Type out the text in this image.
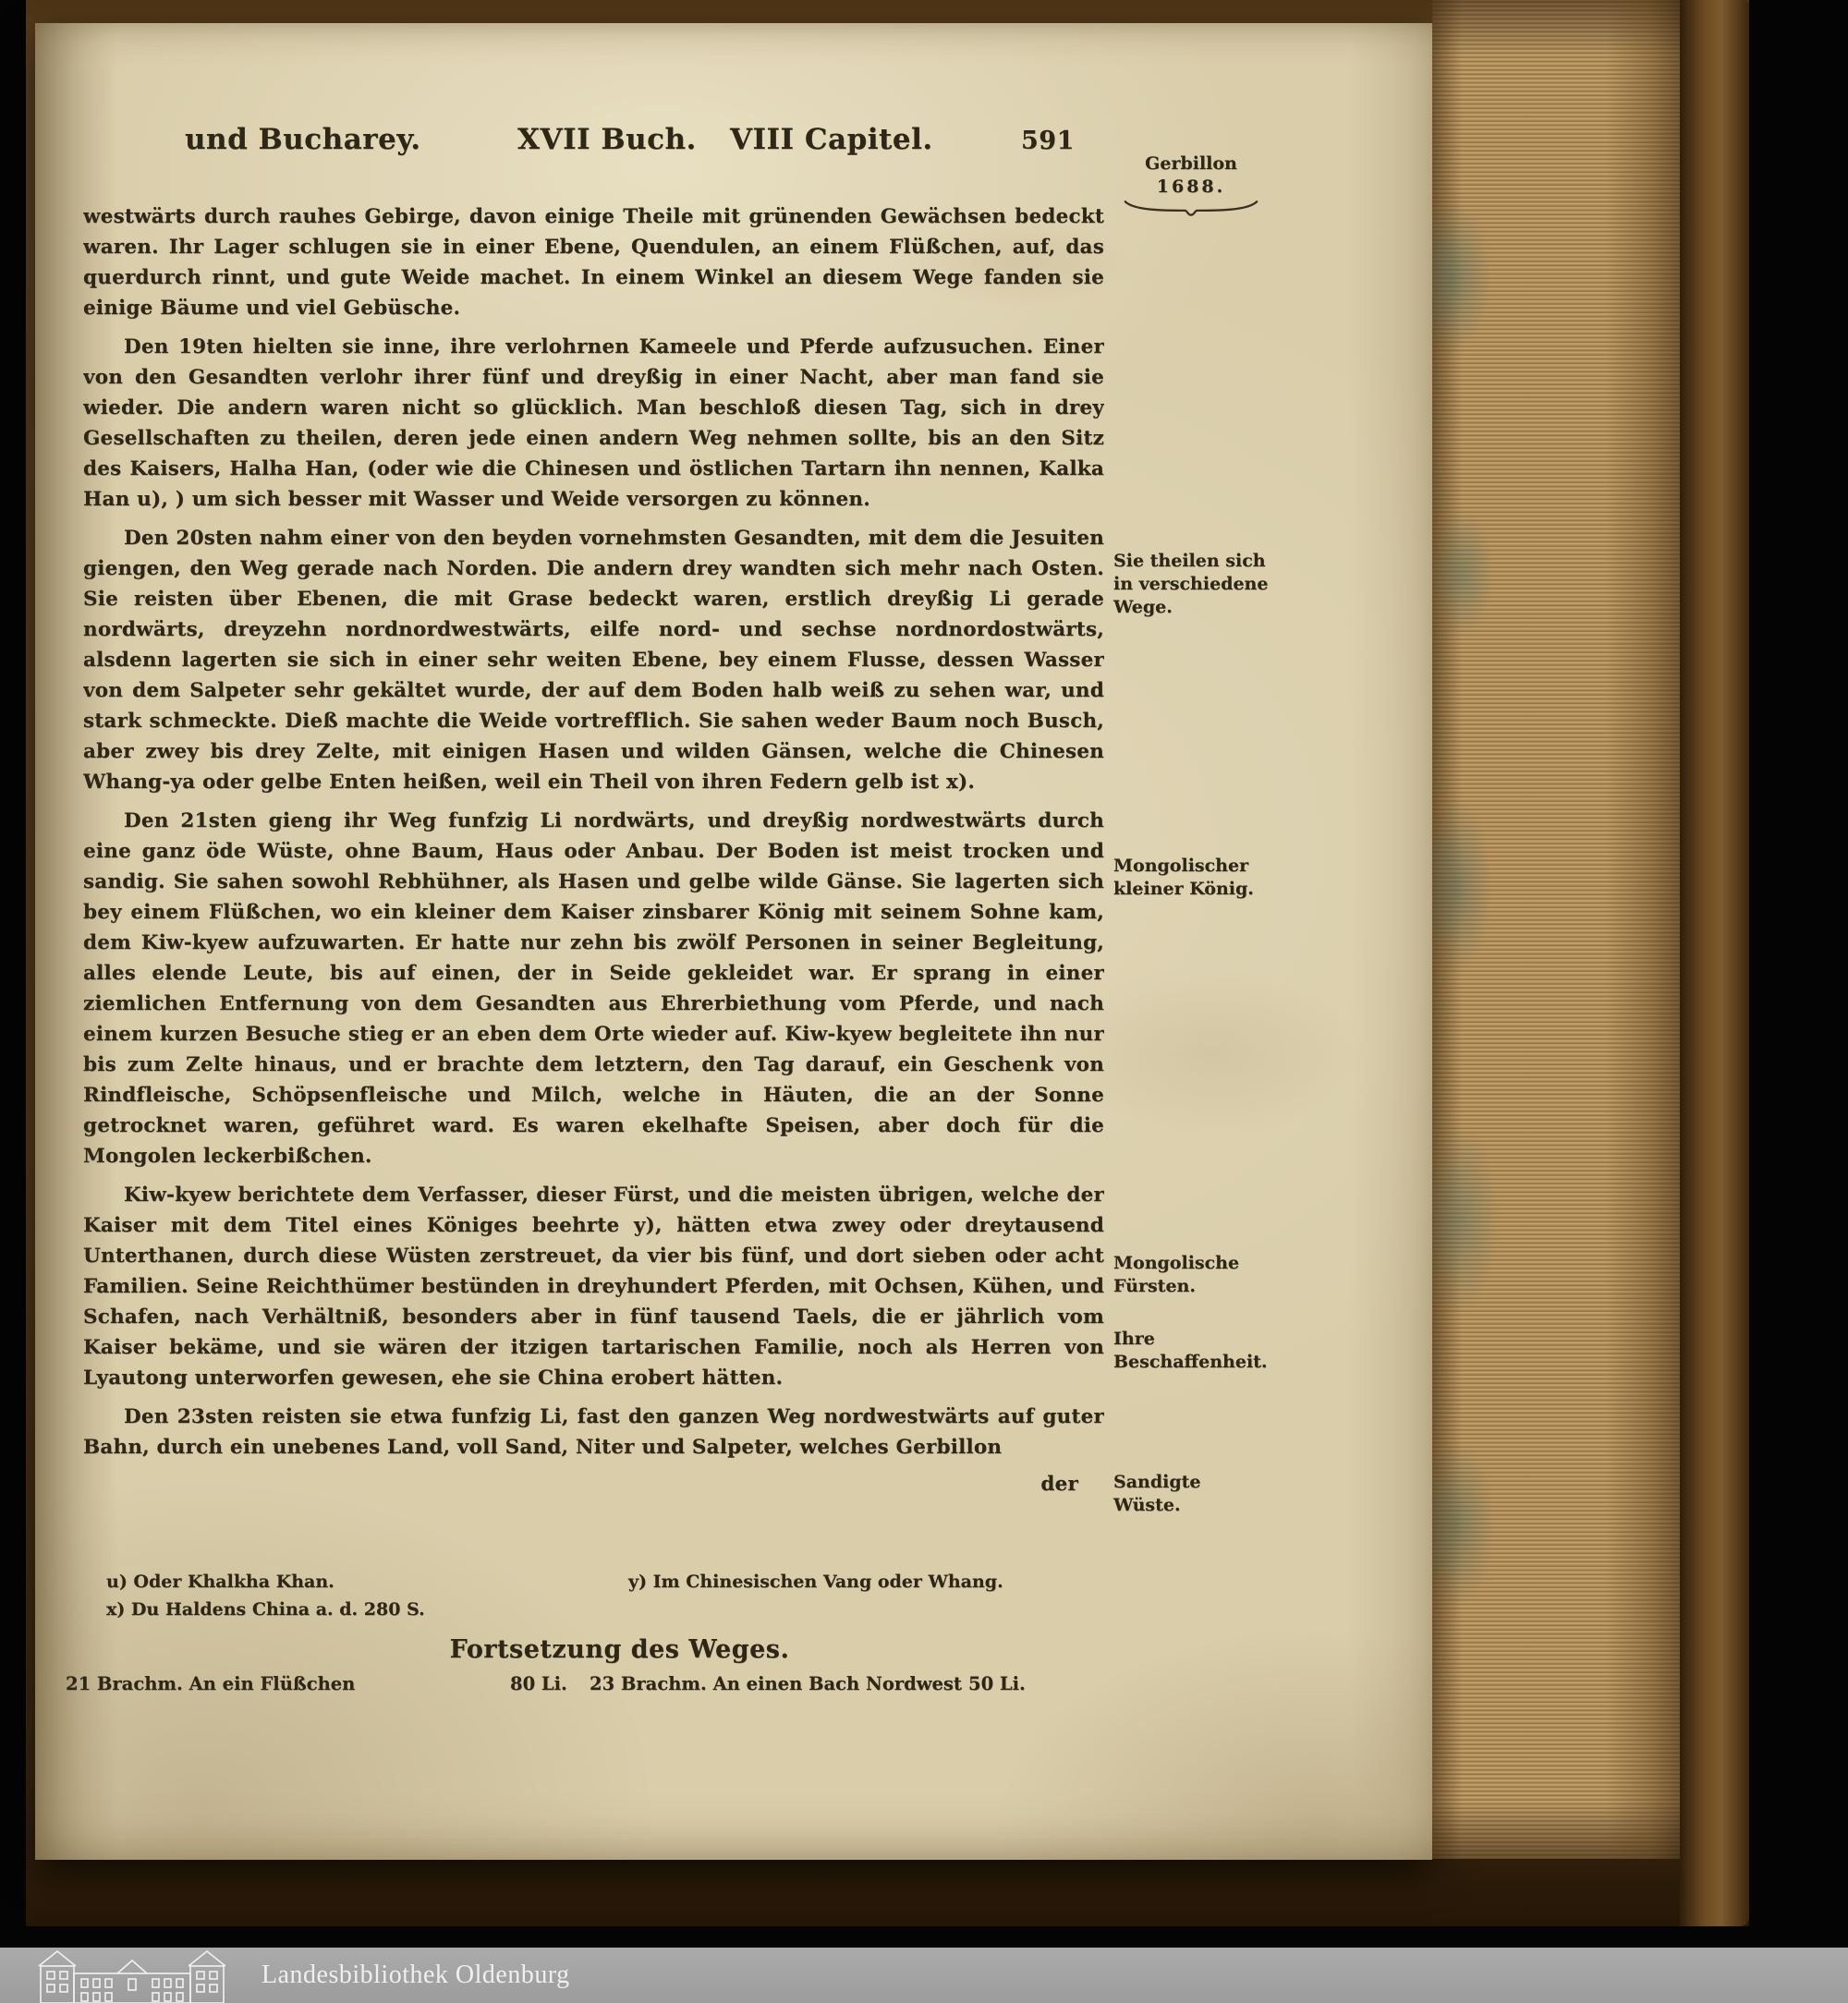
und Bucharey.	XVII Buch. VIII Capitel.	591

westwärts durch rauhes Gebirge, davon einige Theile mit grünenden Gewächsen bedeckt waren. Ihr Lager schlugen sie in einer Ebene, Quendulen, an einem Flüßchen, auf, das querdurch rinnt, und gute Weide machet. In einem Winkel an diesem Wege fanden sie einige Bäume und viel Gebüsche.

Den 19ten hielten sie inne, ihre verlohrnen Kameele und Pferde aufzusuchen. Einer von den Gesandten verlohr ihrer fünf und dreyßig in einer Nacht, aber man fand sie wieder. Die andern waren nicht so glücklich. Man beschloß diesen Tag, sich in drey Gesellschaften zu theilen, deren jede einen andern Weg nehmen sollte, bis an den Sitz des Kaisers, Halha Han, (oder wie die Chinesen und östlichen Tartarn ihn nennen, Kalka Han u), ) um sich besser mit Wasser und Weide versorgen zu können.

Den 20sten nahm einer von den beyden vornehmsten Gesandten, mit dem die Jesuiten giengen, den Weg gerade nach Norden. Die andern drey wandten sich mehr nach Osten. Sie reisten über Ebenen, die mit Grase bedeckt waren, erstlich dreyßig Li gerade nordwärts, dreyzehn nordnordwestwärts, eilfe nord- und sechse nordnordostwärts, alsdenn lagerten sie sich in einer sehr weiten Ebene, bey einem Flusse, dessen Wasser von dem Salpeter sehr gekältet wurde, der auf dem Boden halb weiß zu sehen war, und stark schmeckte. Dieß machte die Weide vortrefflich. Sie sahen weder Baum noch Busch, aber zwey bis drey Zelte, mit einigen Hasen und wilden Gänsen, welche die Chinesen Whang-ya oder gelbe Enten heißen, weil ein Theil von ihren Federn gelb ist x).

Den 21sten gieng ihr Weg funfzig Li nordwärts, und dreyßig nordwestwärts durch eine ganz öde Wüste, ohne Baum, Haus oder Anbau. Der Boden ist meist trocken und sandig. Sie sahen sowohl Rebhühner, als Hasen und gelbe wilde Gänse. Sie lagerten sich bey einem Flüßchen, wo ein kleiner dem Kaiser zinsbarer König mit seinem Sohne kam, dem Kiw-kyew aufzuwarten. Er hatte nur zehn bis zwölf Personen in seiner Begleitung, alles elende Leute, bis auf einen, der in Seide gekleidet war. Er sprang in einer ziemlichen Entfernung von dem Gesandten aus Ehrerbiethung vom Pferde, und nach einem kurzen Besuche stieg er an eben dem Orte wieder auf. Kiw-kyew begleitete ihn nur bis zum Zelte hinaus, und er brachte dem letztern, den Tag darauf, ein Geschenk von Rindfleische, Schöpsenfleische und Milch, welche in Häuten, die an der Sonne getrocknet waren, geführet ward. Es waren ekelhafte Speisen, aber doch für die Mongolen leckerbißchen.

Kiw-kyew berichtete dem Verfasser, dieser Fürst, und die meisten übrigen, welche der Kaiser mit dem Titel eines Königes beehrte y), hätten etwa zwey oder dreytausend Unterthanen, durch diese Wüsten zerstreuet, da vier bis fünf, und dort sieben oder acht Familien. Seine Reichthümer bestünden in dreyhundert Pferden, mit Ochsen, Kühen, und Schafen, nach Verhältniß, besonders aber in fünf tausend Taels, die er jährlich vom Kaiser bekäme, und sie wären der itzigen tartarischen Familie, noch als Herren von Lyautong unterworfen gewesen, ehe sie China erobert hätten.

Den 23sten reisten sie etwa funfzig Li, fast den ganzen Weg nordwestwärts auf guter Bahn, durch ein unebenes Land, voll Sand, Niter und Salpeter, welches Gerbillon

der
Gerbillon
1688.
Sie theilen sich in verschiedene Wege.
Mongolischer kleiner König.
Mongolische Fürsten.
Ihre Beschaffenheit.
Sandigte Wüste.
u) Oder Khalkha Khan.
x) Du Haldens China a. d. 280 S.
y) Im Chinesischen Vang oder Whang.
Fortsetzung des Weges.
21 Brachm. An ein Flüßchen	80 Li. 23 Brachm. An einen Bach Nordwest 50 Li.
Landesbibliothek Oldenburg
